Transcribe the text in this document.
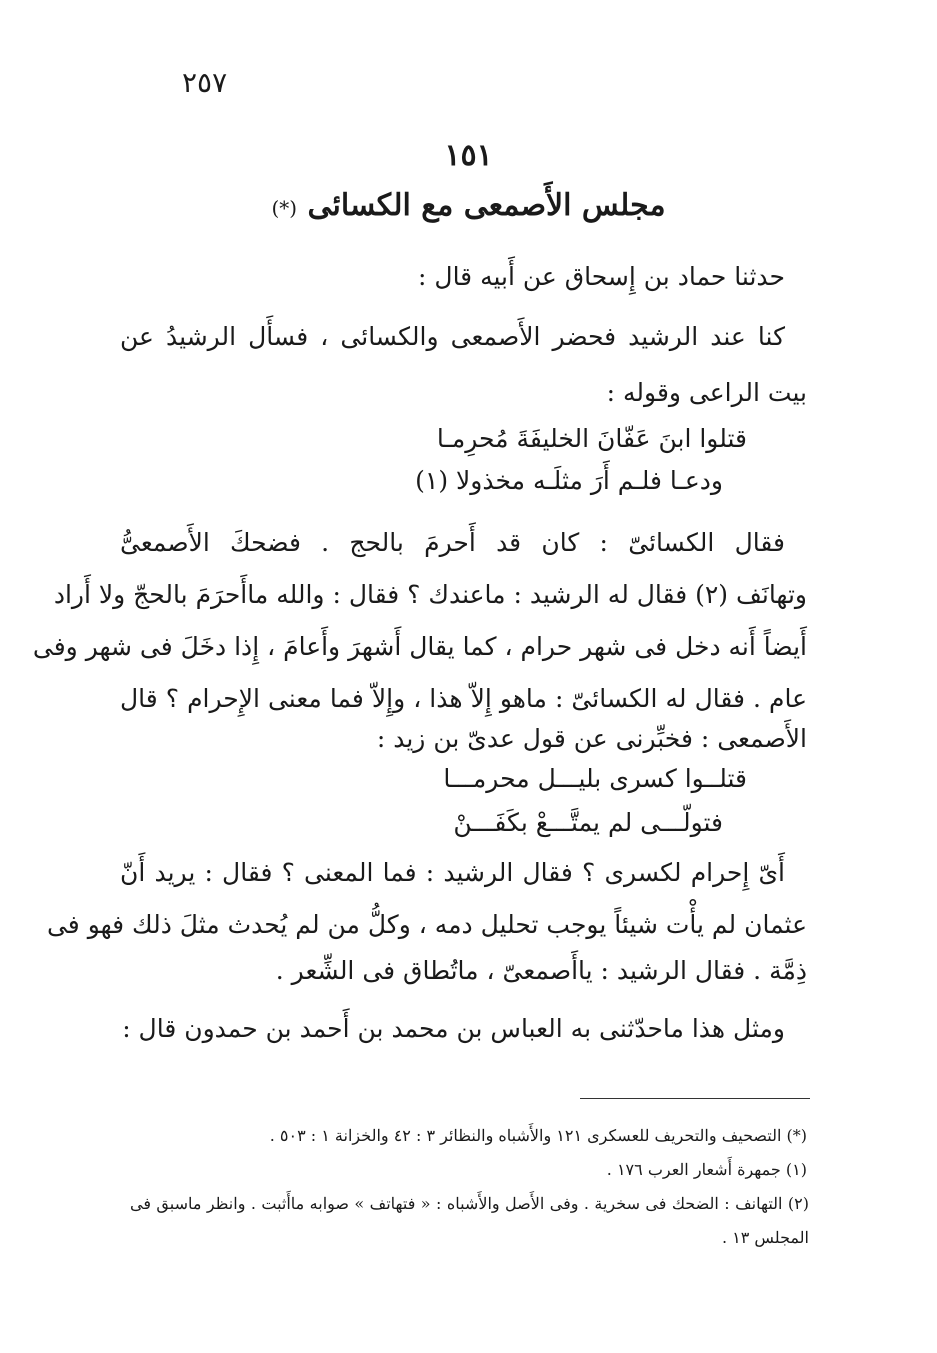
٢٥٧
١٥١
مجلس الأَصمعى مع الكسائى (*)
حدثنا حماد بن إِسحاق عن أَبيه قال :
كنا عند الرشيد فحضر الأَصمعى والكسائى ، فسأَل الرشيدُ عن
بيت الراعى وقوله :
قتلوا ابنَ عَفّانَ الخليفَةَ مُحرِمـا
ودعـا فلـم أَرَ مثلَـه مخذولا (١)
فقال الكسائىّ : كان قد أَحرمَ بالحج . فضحكَ الأَصمعىُّ
وتهانَف (٢) فقال له الرشيد : ماعندك ؟ فقال : والله ماأَحرَمَ بالحجّ ولا أَراد
أَيضاً أَنه دخل فى شهر حرام ، كما يقال أَشهرَ وأَعامَ ، إِذا دخَلَ فى شهر وفى
عام . فقال له الكسائىّ : ماهو إِلاّ هذا ، وإِلاّ فما معنى الإِحرام ؟ قال
الأَصمعى : فخبِّرنى عن قول عدىّ بن زيد :
قتلــوا كسرى بليـــل محرمـــا
فتولّـــى لم يمتَّـــعْ بكَفَـــنْ
أَىّ إِحرام لكسرى ؟ فقال الرشيد : فما المعنى ؟ فقال : يريد أَنّ
عثمان لم يأْت شيئاً يوجب تحليل دمه ، وكلُّ من لم يُحدث مثلَ ذلك فهو فى
ذِمَّة . فقال الرشيد : ياأَصمعىّ ، ماتُطاق فى الشِّعر .
ومثل هذا ماحدّثنى به العباس بن محمد بن أَحمد بن حمدون قال :
(*) التصحيف والتحريف للعسكرى ١٢١ والأَشباه والنظائر ٣ : ٤٢ والخزانة ١ : ٥٠٣ .
(١) جمهرة أَشعار العرب ١٧٦ .
(٢) التهانف : الضحك فى سخرية . وفى الأَصل والأَشباه : « فتهاتف » صوابه ماأَثبت . وانظر ماسبق فى
المجلس ١٣ .
